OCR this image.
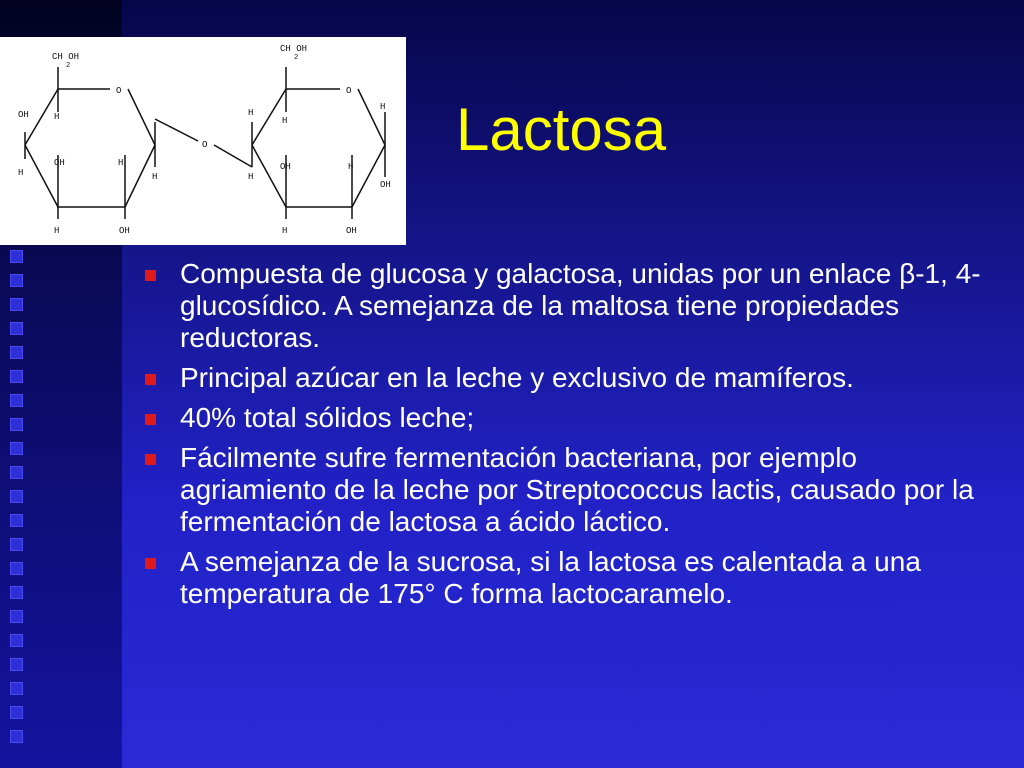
CH OH
2
O
OH	H
H
OH	H
H
OH
H
O
CH OH
2
O
H
H
H
OH
H
H
OH
H	OH
Lactosa
Compuesta de glucosa y galactosa, unidas por un enlace β-1, 4-glucosídico. A semejanza de la maltosa tiene propiedades reductoras.
Principal azúcar en la leche y exclusivo de mamíferos.
40% total sólidos leche;
Fácilmente sufre fermentación bacteriana, por ejemplo agriamiento de la leche por Streptococcus lactis, causado por la fermentación de lactosa a ácido láctico.
A semejanza de la sucrosa, si la lactosa es calentada a una temperatura de 175° C forma lactocaramelo.
